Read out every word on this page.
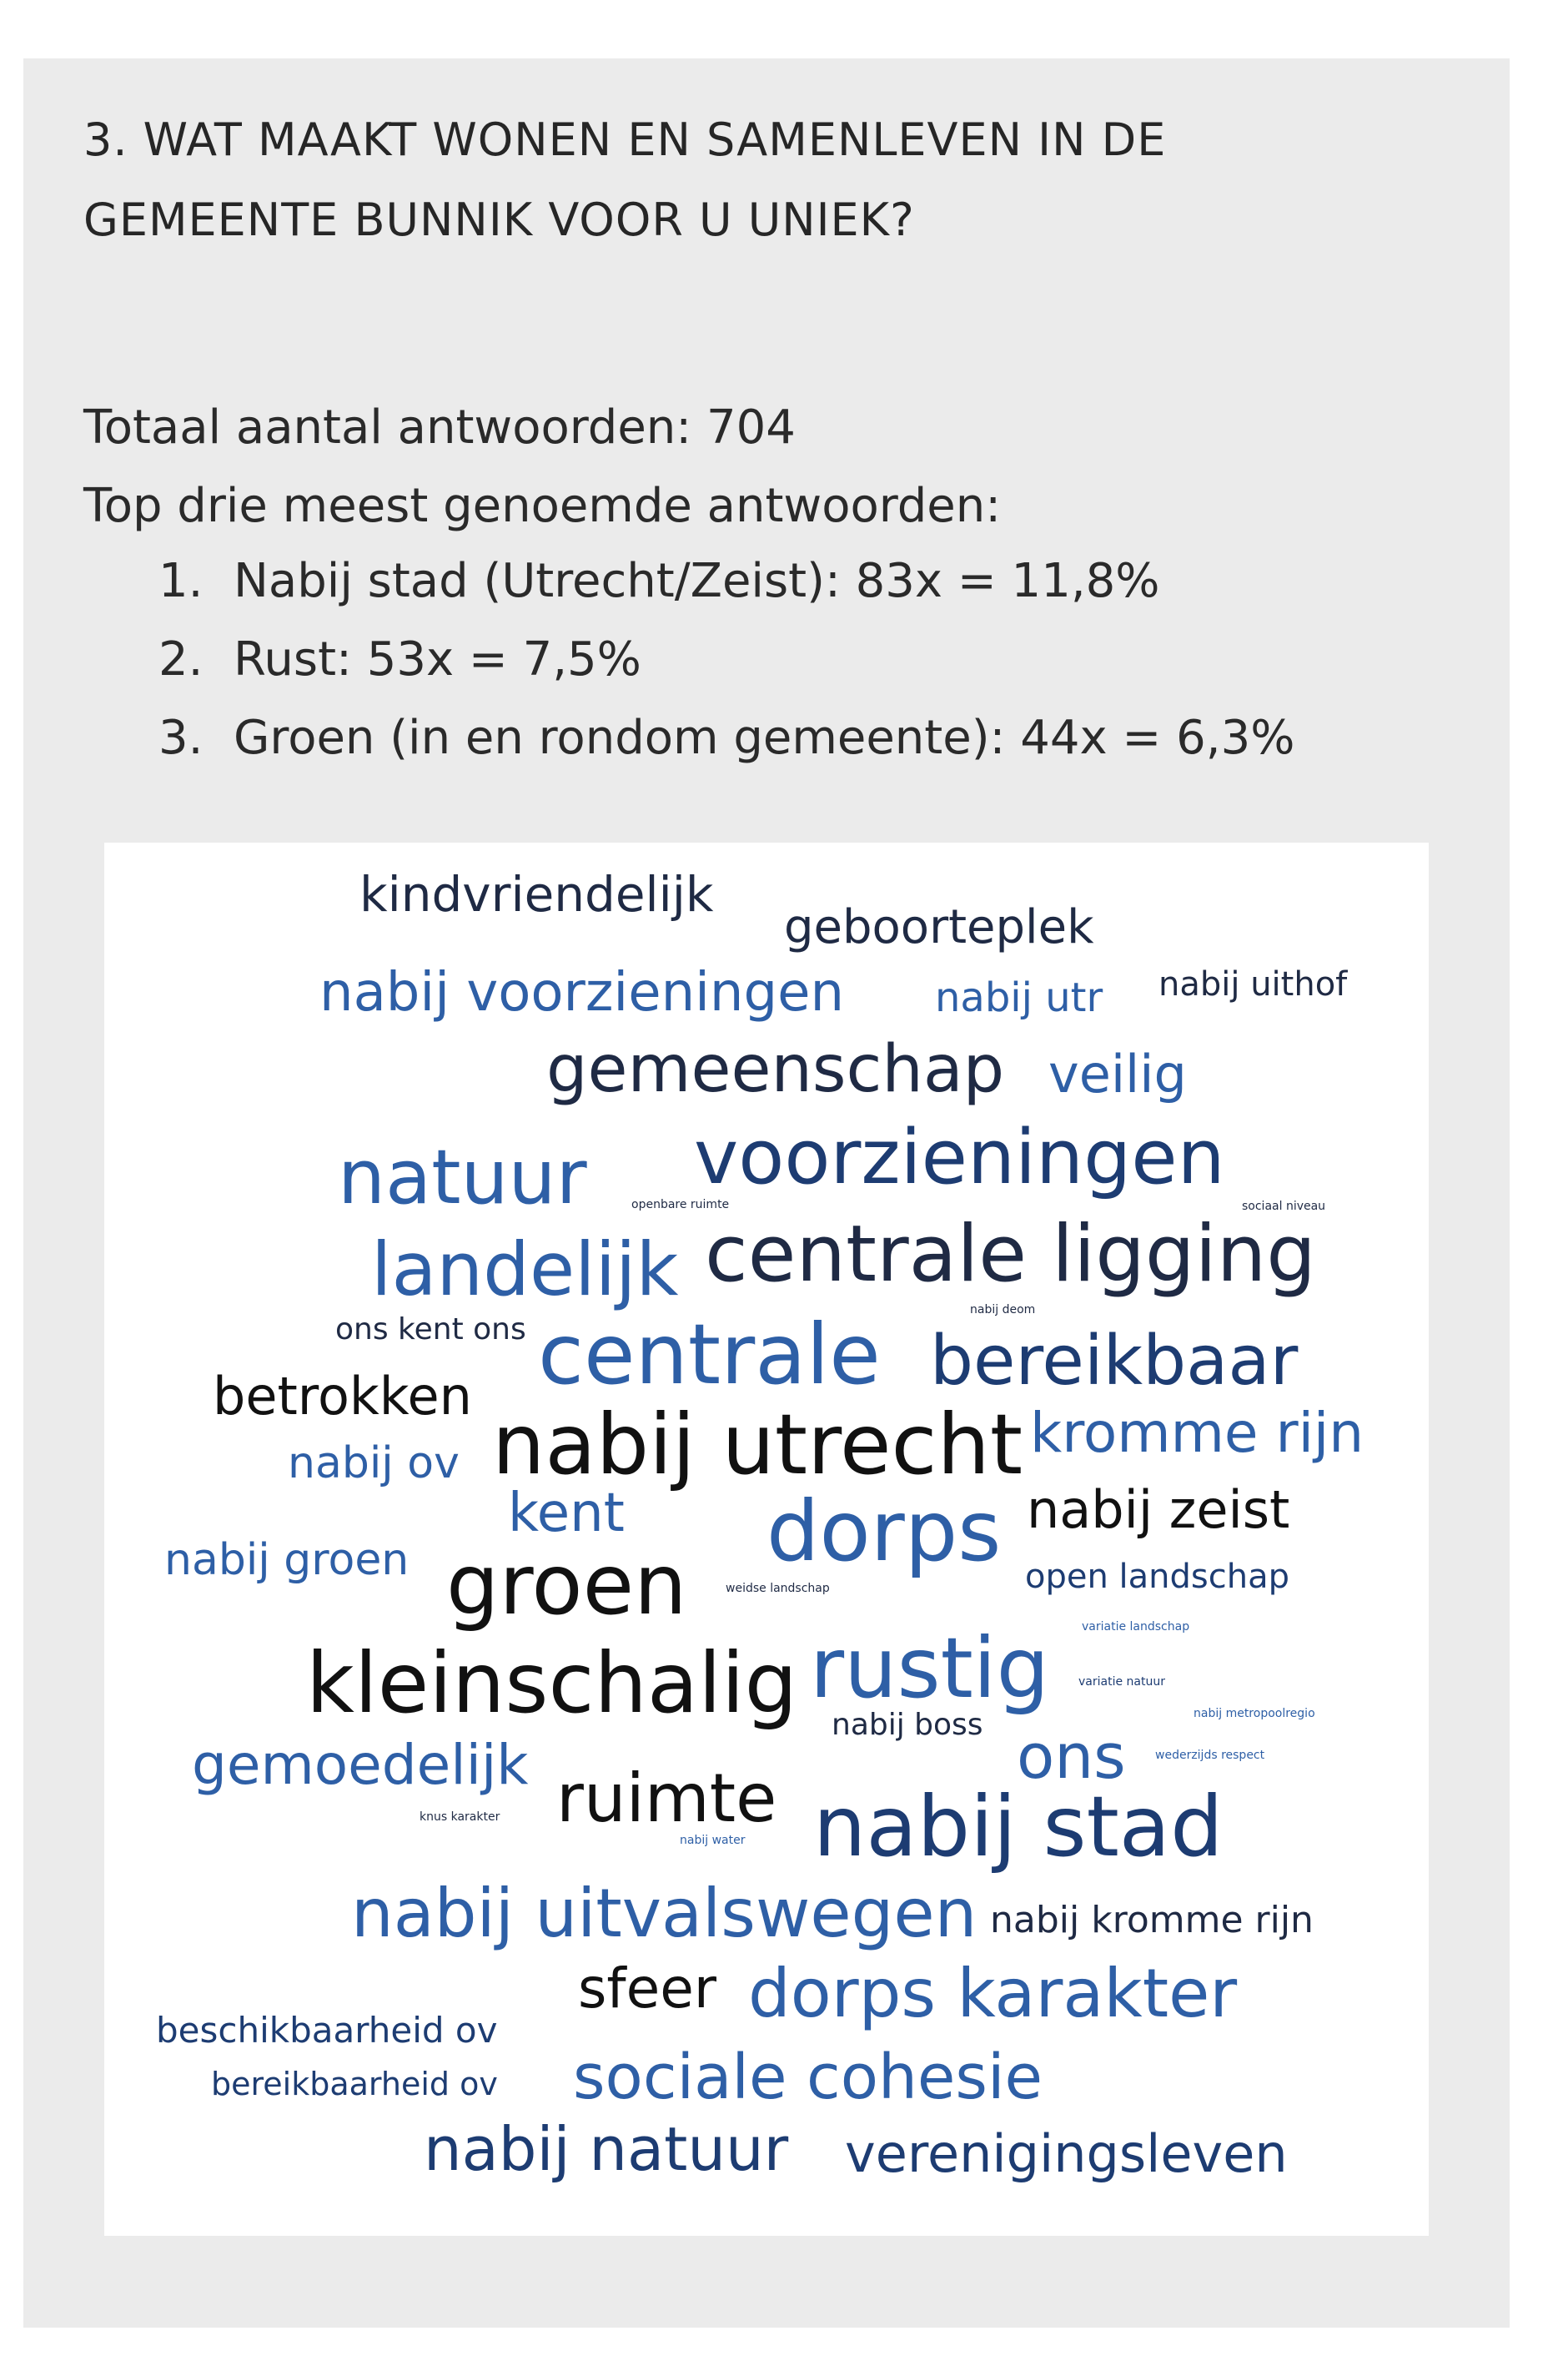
3. WAT MAAKT WONEN EN SAMENLEVEN IN DE
GEMEENTE BUNNIK VOOR U UNIEK?

Totaal aantal antwoorden: 704

Top drie meest genoemde antwoorden:

1. Nabij stad (Utrecht/Zeist): 83x = 11,8%
2. Rust: 53x = 7,5%
3. Groen (in en rondom gemeente): 44x = 6,3%
kindvriendelijk
geboorteplek
nabij voorzieningen nabij utr nabij uithof
gemeenschap veilig
natuur voorzieningen
openbare ruimte	sociaal niveau
landelijk centrale ligging
nabij deom
ons kent ons centrale bereikbaar
betrokken nabij utrecht kromme rijn
nabij ov
kent dorps nabij zeist
nabij groen groen	weidse landschap	open landschap
variatie landschap
kleinschalig rustig variatie natuur
nabij metropoolregio
nabij boss
gemoedelijk	ons	wederzijds respect
ruimte
knus karakter
nabij water nabij stad
nabij uitvalswegen nabij kromme rijn
sfeer dorps karakter
beschikbaarheid ov
bereikbaarheid ov sociale cohesie
nabij natuur verenigingsleven
